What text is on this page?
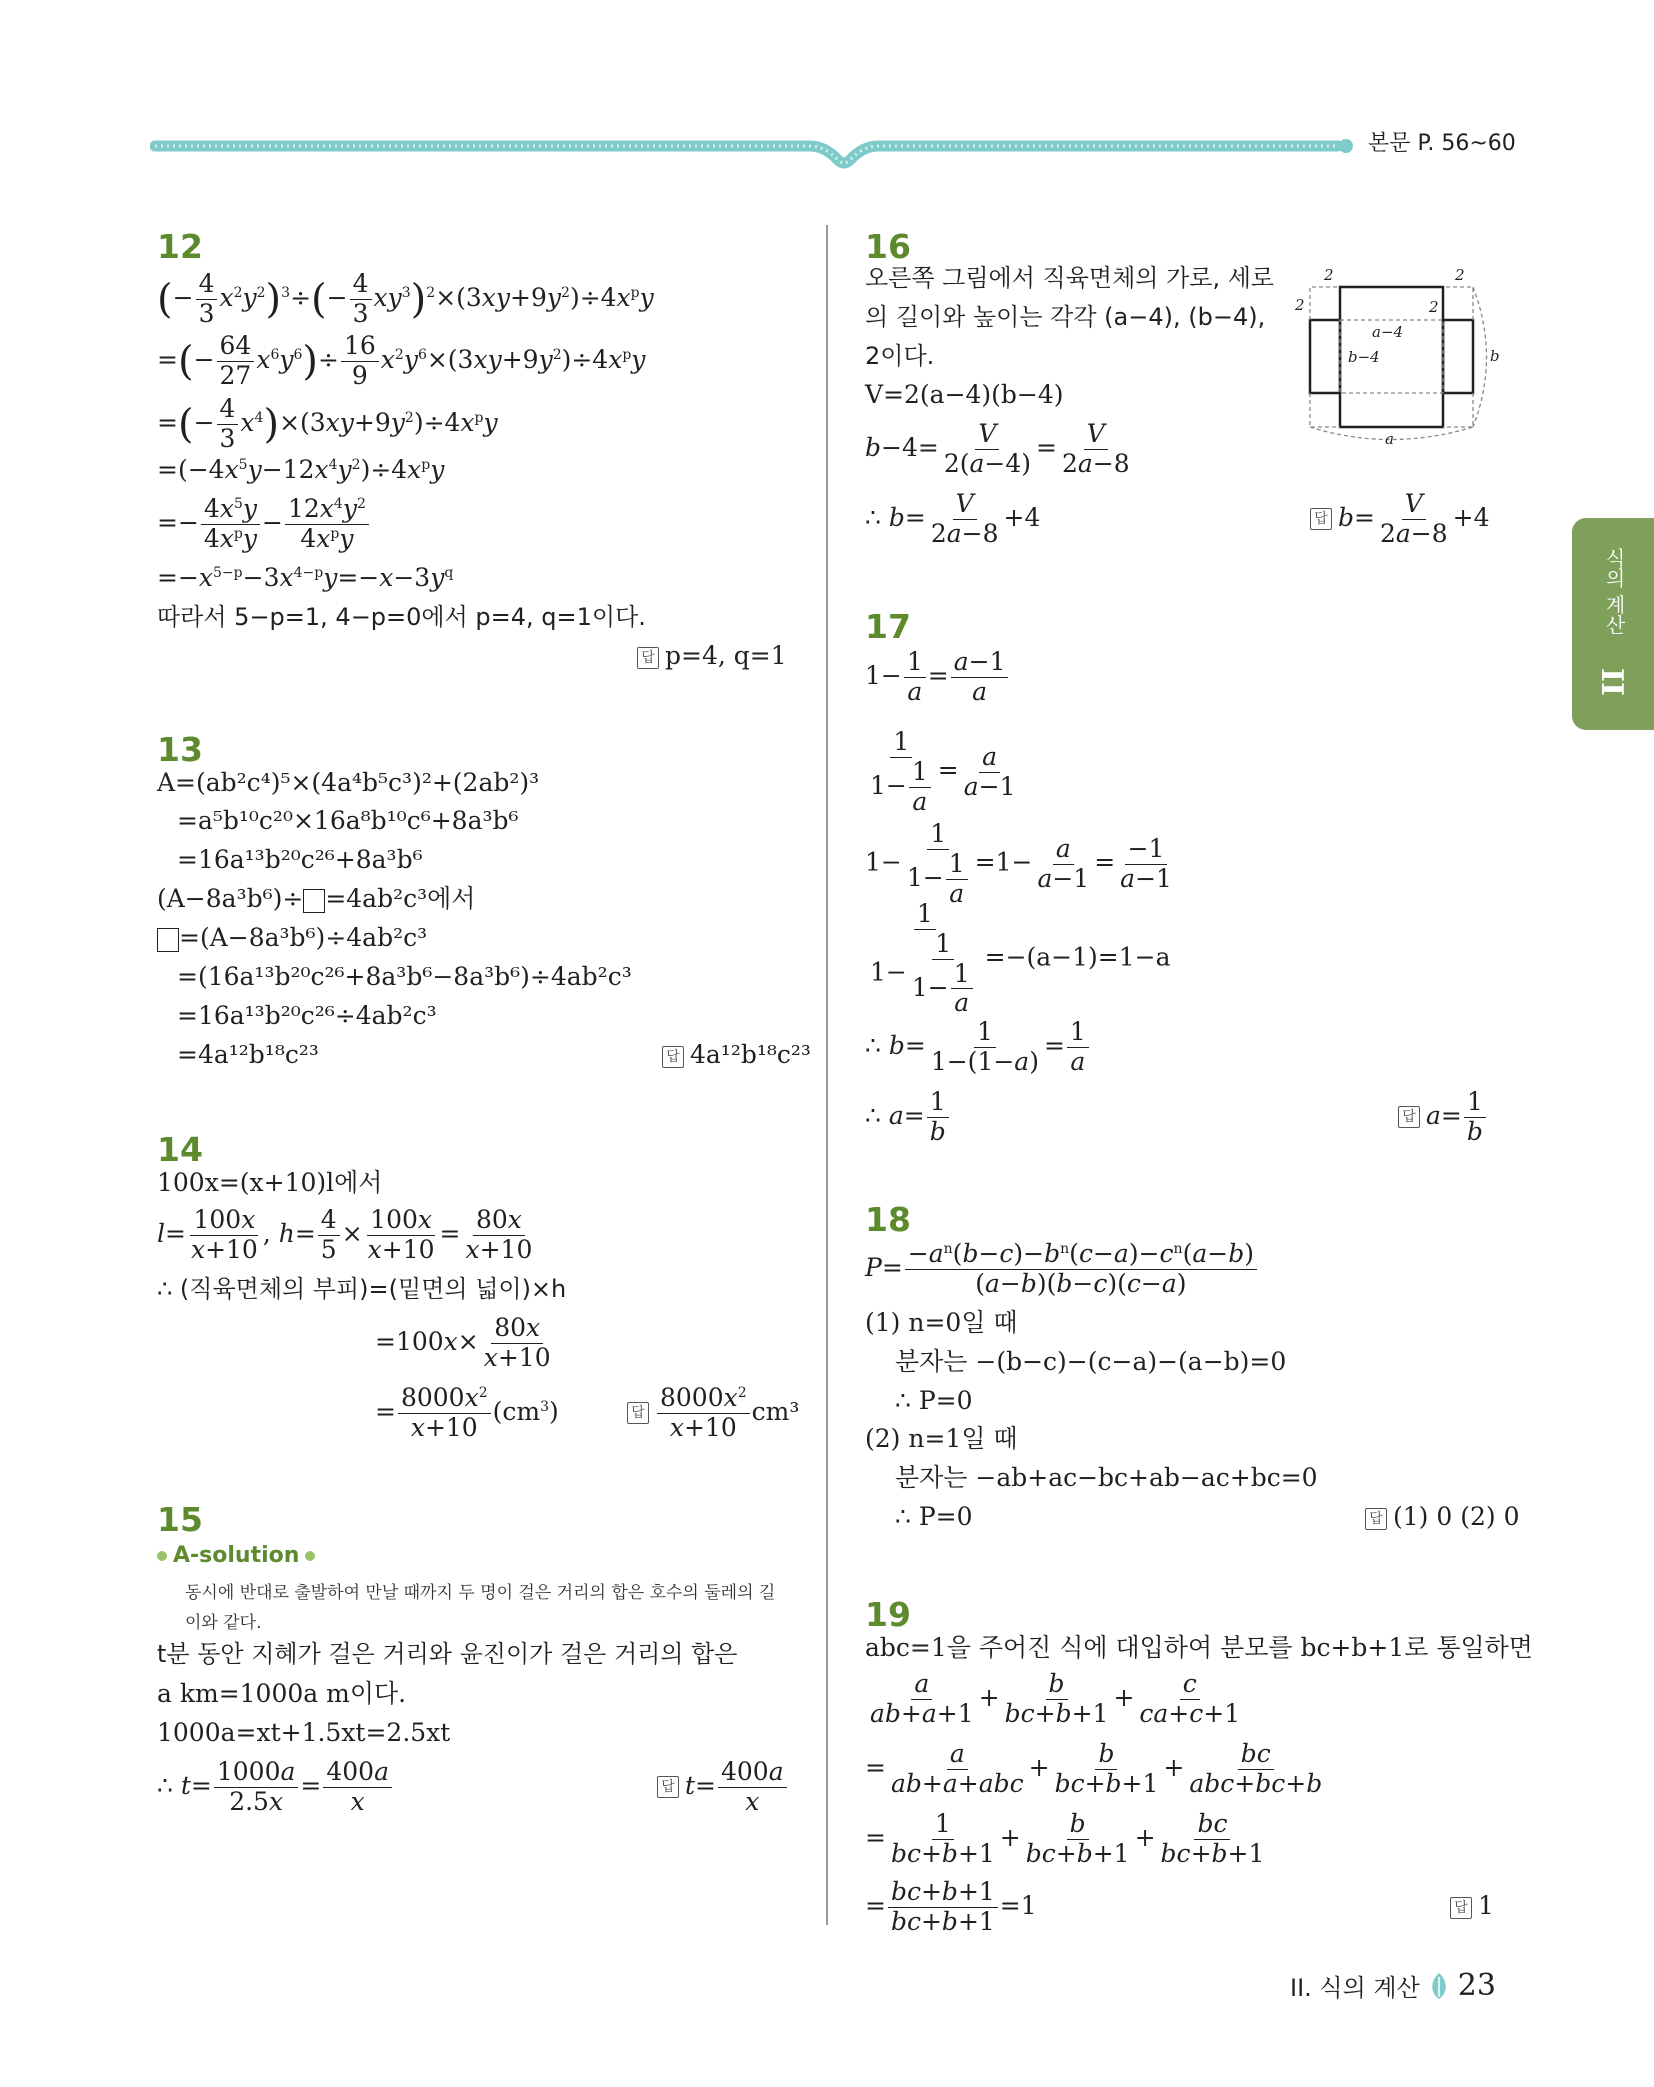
본문 P. 56~60
식의 계산
II
12
(− $\frac{4}{3} x^2y^2)^3\div(- \frac{4}{3} xy^3)^2\times(3xy+9y^2)\div 4x^py$
=(− $\frac{64}{27} x^6y^6)\div \frac{16}{9} x^2y^6\times(3xy+9y^2)\div 4x^py$
=(− $\frac{4}{3} x^4)\times(3xy+9y^2)\div 4x^py$
$=(-4x^5y-12x^4y^2)\div 4x^py$
=− $\frac{4x^5y}{4x^py} - \frac{12x^4y^2}{4x^py}$
$=-x^{5-p}-3x^{4-p}y=-x-3y^q$
따라서 5−p=1, 4−p=0에서 p=4, q=1이다.
답 p=4, q=1
13
A=(ab²c⁴)⁵×(4a⁴b⁵c³)²+(2ab²)³
=a⁵b¹⁰c²⁰×16a⁸b¹⁰c⁶+8a³b⁶
=16a¹³b²⁰c²⁶+8a³b⁶
(A−8a³b⁶)÷ =4ab²c³에서
=(A−8a³b⁶)÷4ab²c³
=(16a¹³b²⁰c²⁶+8a³b⁶−8a³b⁶)÷4ab²c³
=16a¹³b²⁰c²⁶÷4ab²c³
=4a¹²b¹⁸c²³	답 4a¹²b¹⁸c²³
14
100x=(x+10)l에서
$l= \frac{100x}{x+10}$ , $h= \frac{4}{5} \times \frac{100x}{x+10} = \frac{80x}{x+10}$
∴ (직육면체의 부피)=(밑면의 넓이)×h
$=100x\times \frac{80x}{x+10}$
= $\frac{8000x^2}{x+10} (cm^3)$	답 $\frac{8000x^2}{x+10} cm^3$
15
A-solution
동시에 반대로 출발하여 만날 때까지 두 명이 걸은 거리의 합은 호수의 둘레의 길이와 같다.
t분 동안 지혜가 걸은 거리와 윤진이가 걸은 거리의 합은
a km=1000a m이다.
1000a=xt+1.5xt=2.5xt
∴ $t= \frac{1000a}{2.5x} = \frac{400a}{x}$	답 $t= \frac{400a}{x}$
16
오른쪽 그림에서 직육면체의 가로, 세로
의 길이와 높이는 각각 (a−4), (b−4),
2이다.
V=2(a−4)(b−4)
$b-4= \frac{V}{2(a-4)} = \frac{V}{2a-8}$
∴ $b= \frac{V}{2a-8} +4$	답 $b= \frac{V}{2a-8} +4$
2	2
2	2
a−4
b−4
a
b
17
$1- \frac{1}{a} = \frac{a-1}{a}$
$\frac{1}{1- \frac{1}{a}} = \frac{a}{a-1}$
$1- \frac{1}{1- \frac{1}{a}} =1- \frac{a}{a-1} = \frac{-1}{a-1}$
$\frac{1}{1- \frac{1}{1- \frac{1}{a}}} =-(a-1)=1-a$
∴ $b= \frac{1}{1-(1-a)} = \frac{1}{a}$
∴ $a= \frac{1}{b}$	답 $a= \frac{1}{b}$
18
$P= \frac{-a^n(b-c)-b^n(c-a)-c^n(a-b)}{(a-b)(b-c)(c-a)}$
(1) n=0일 때
분자는 −(b−c)−(c−a)−(a−b)=0
∴ P=0
(2) n=1일 때
분자는 −ab+ac−bc+ab−ac+bc=0
∴ P=0	답 (1) 0 (2) 0
19
abc=1을 주어진 식에 대입하여 분모를 bc+b+1로 통일하면
$\frac{a}{ab+a+1} + \frac{b}{bc+b+1} + \frac{c}{ca+c+1}$
= $\frac{a}{\text{ab+a+abc}} + \frac{b}{bc+b+1} + \frac{bc}{\text{abc+bc+b}}$
= $\frac{1}{bc+b+1} + \frac{b}{bc+b+1} + \frac{bc}{bc+b+1}$
= $\frac{bc+b+1}{bc+b+1} =1$	답 1
II. 식의 계산 23
